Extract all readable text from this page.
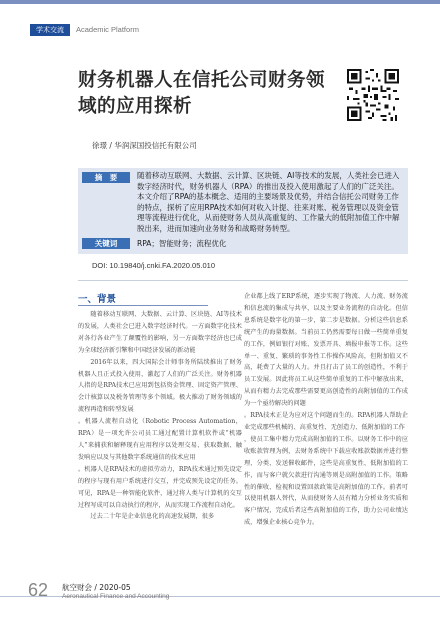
学术交流	Academic Platform
财务机器人在信托公司财务领域的应用探析
徐璟 / 华润深国投信托有限公司
摘　要	随着移动互联网、大数据、云计算、区块链、AI等技术的发展，人类社会已进入数字经济时代，财务机器人（RPA）的推出及投入使用激起了人们的广泛关注。本文介绍了RPA的基本概念、适用的主要场景及优势，并结合信托公司财务工作的特点，探析了应用RPA技术如何对收入计提、往来对账、税务管理以及资金管理等流程进行优化，从而使财务人员从高重复的、工作量大的低附加值工作中解脱出来，进而加速向业务财务和战略财务转型。
关键词	RPA；智能财务；流程优化
DOI: 10.19840/j.cnki.FA.2020.05.010
一、背景

随着移动互联网、大数据、云计算、区块链、AI等技术的发展，人类社会已进入数字经济时代。一方面数字化技术对各行各业产生了颠覆性的影响，另一方面数字经济也已成为全球经济新引擎和中国经济发展的新动能

2016年以来，四大国际会计师事务所陆续推出了财务机器人且正式投入使用，激起了人们的广泛关注。财务机器人指的是RPA技术已应用到包括资金管理、固定资产管理、会计核算以及税务管理等多个领域。极大推动了财务领域的流程再造和转型发展

。机器人流程自动化（Robotic Process Automation，RPA）是一项允许公司员工通过配置计算机软件或“机器人”来捕获和解释现有应用程序以处理交易、获取数据、触发响应以及与其他数字系统通信的技术应用

。机器人是RPA技术的虚拟劳动力，RPA技术通过预先设定的程序与现有用户系统进行交互，并完成预先设定的任务。可见，RPA是一种智能化软件，通过将人类与计算机的交互过程写成可以自动执行的程序，从而实现工作流程自动化。

过去二十年是企业信息化的高速发展期，很多

企业都上线了ERP系统，逐步实现了物流、人力流、财务流和信息流的集成与共享，以及主要业务流程的自动化。但信息系统是数字化的第一步，第二步是数据。分析这些信息系统产生的海量数据。当前员工仍然需要每日做一些简单重复的工作，例如银行对账、发票开具、填报申报等工作。这些单一、重复、繁琐的事务性工作操作风险高，但附加值又不高，耗费了大量的人力。并且打击了员工的创造性，不利于员工发展。因此将员工从这些简单重复的工作中解放出来，从而有精力去完成那些需要更高创造性的高附加值的工作成为一个亟待解决的问题

。RPA技术正是为应对这个问题而生的。RPA机器人帮助企业完成那些机械的、高重复性、无创造力、低附加值的工作

，使员工集中精力完成高附加值的工作。以财务工作中的应收账款管理为例，去财务系统中下载应收账款数据并进行整理、分类、发送催收邮件，这些是高重复性、低附加值的工作，而与客户就欠款进行沟通等则是高附加值的工作。策略性的催收、检视和设置回款政策是高附加值的工作。前者可以使用机器人替代，从而使财务人员有精力分析业务实质和客户情况，完成后者这些高附加值的工作，助力公司业绩达成，增强企业核心竞争力。

62 航空财会 / 2020-05
Aeronautical Finance and Accounting
